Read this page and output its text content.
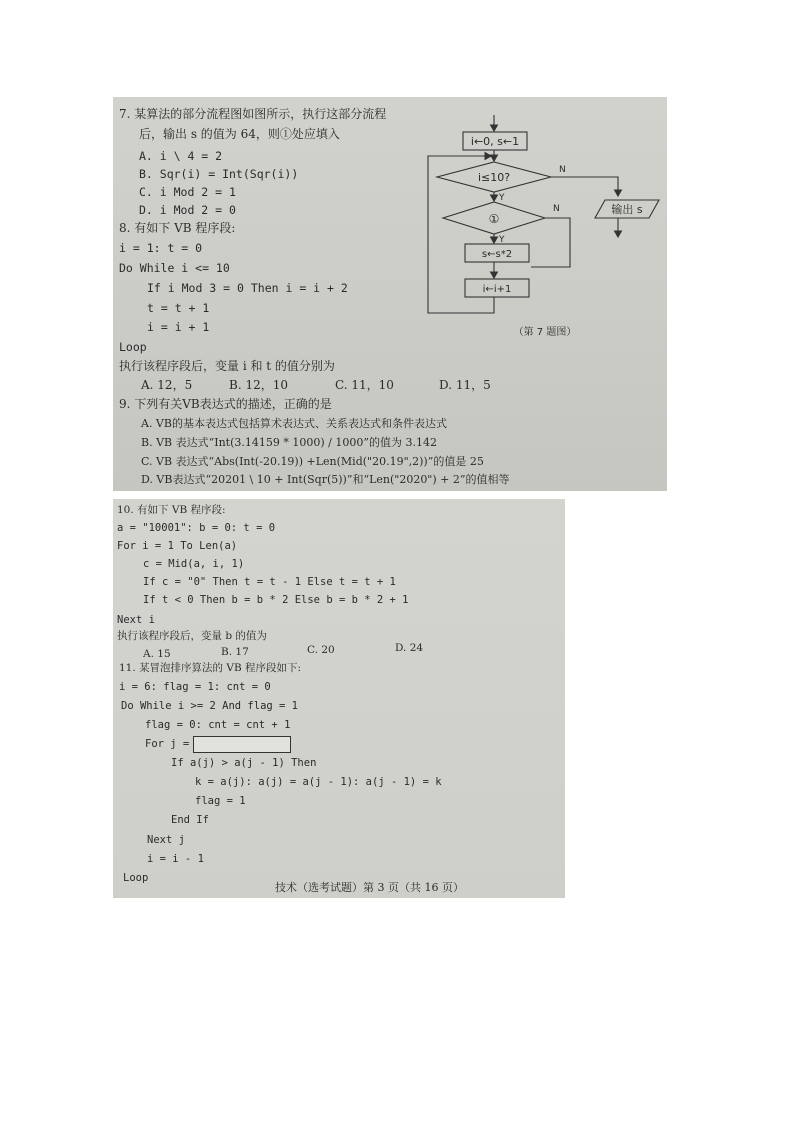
7. 某算法的部分流程图如图所示，执行这部分流程
后，输出 s 的值为 64，则①处应填入
A. i \ 4 = 2
B. Sqr(i) = Int(Sqr(i))
C. i Mod 2 = 1
D. i Mod 2 = 0
8. 有如下 VB 程序段:
i = 1: t = 0
Do While i <= 10
If i Mod 3 = 0 Then i = i + 2
t = t + 1
i = i + 1
Loop
执行该程序段后，变量 i 和 t 的值分别为
A. 12，5	B. 12，10	C. 11，10	D. 11，5
9. 下列有关VB表达式的描述，正确的是
A. VB的基本表达式包括算术表达式、关系表达式和条件表达式
B. VB 表达式“Int(3.14159 * 1000) / 1000”的值为 3.142
C. VB 表达式“Abs(Int(-20.19)) +Len(Mid("20.19",2))”的值是 25
D. VB表达式“20201 \ 10 + Int(Sqr(5))”和“Len("2020") + 2”的值相等
i←0, s←1
i≤10?
N
Y
①
N
Y
s←s*2
输出 s
i←i+1
（第 7 题图）
10. 有如下 VB 程序段:
a = "10001": b = 0: t = 0
For i = 1 To Len(a)
c = Mid(a, i, 1)
If c = "0" Then t = t - 1 Else t = t + 1
If t < 0 Then b = b * 2 Else b = b * 2 + 1
Next i
执行该程序段后，变量 b 的值为
A. 15	B. 17	C. 20	D. 24
11. 某冒泡排序算法的 VB 程序段如下:
i = 6: flag = 1: cnt = 0
Do While i >= 2 And flag = 1
flag = 0: cnt = cnt + 1
For j =
If a(j) > a(j - 1) Then
k = a(j): a(j) = a(j - 1): a(j - 1) = k
flag = 1
End If
Next j
i = i - 1
Loop
技术（选考试题）第 3 页（共 16 页）
